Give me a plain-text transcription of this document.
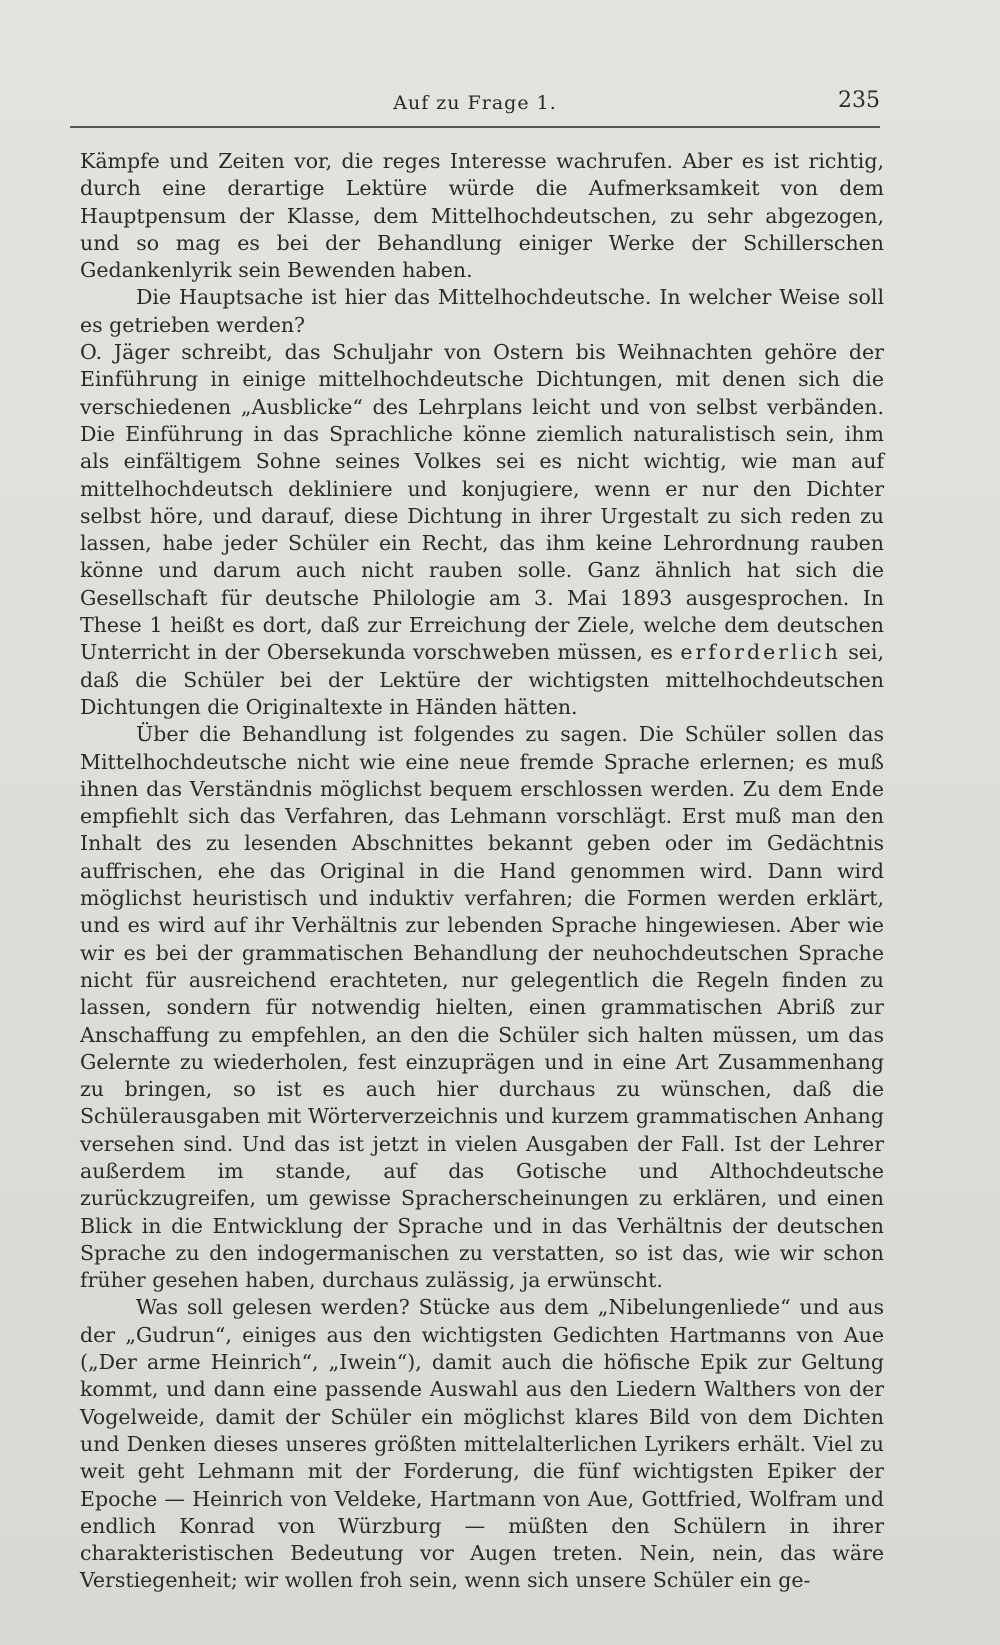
Auf zu Frage 1.	235

Kämpfe und Zeiten vor, die reges Interesse wachrufen. Aber es ist richtig, durch eine derartige Lektüre würde die Aufmerksamkeit von dem Hauptpensum der Klasse, dem Mittelhochdeutschen, zu sehr abgezogen, und so mag es bei der Behandlung einiger Werke der Schillerschen Gedankenlyrik sein Bewenden haben.

Die Hauptsache ist hier das Mittelhochdeutsche. In welcher Weise soll es getrieben werden?

O. Jäger schreibt, das Schuljahr von Ostern bis Weihnachten gehöre der Einführung in einige mittelhochdeutsche Dichtungen, mit denen sich die verschiedenen „Ausblicke“ des Lehrplans leicht und von selbst verbänden. Die Einführung in das Sprachliche könne ziemlich naturalistisch sein, ihm als einfältigem Sohne seines Volkes sei es nicht wichtig, wie man auf mittelhochdeutsch dekliniere und konjugiere, wenn er nur den Dichter selbst höre, und darauf, diese Dichtung in ihrer Urgestalt zu sich reden zu lassen, habe jeder Schüler ein Recht, das ihm keine Lehrordnung rauben könne und darum auch nicht rauben solle. Ganz ähnlich hat sich die Gesellschaft für deutsche Philologie am 3. Mai 1893 ausgesprochen. In These 1 heißt es dort, daß zur Erreichung der Ziele, welche dem deutschen Unterricht in der Obersekunda vorschweben müssen, es erforderlich sei, daß die Schüler bei der Lektüre der wichtigsten mittelhochdeutschen Dichtungen die Originaltexte in Händen hätten.

Über die Behandlung ist folgendes zu sagen. Die Schüler sollen das Mittelhochdeutsche nicht wie eine neue fremde Sprache erlernen; es muß ihnen das Verständnis möglichst bequem erschlossen werden. Zu dem Ende empfiehlt sich das Verfahren, das Lehmann vorschlägt. Erst muß man den Inhalt des zu lesenden Abschnittes bekannt geben oder im Gedächtnis auffrischen, ehe das Original in die Hand genommen wird. Dann wird möglichst heuristisch und induktiv verfahren; die Formen werden erklärt, und es wird auf ihr Verhältnis zur lebenden Sprache hingewiesen. Aber wie wir es bei der grammatischen Behandlung der neuhochdeutschen Sprache nicht für ausreichend erachteten, nur gelegentlich die Regeln finden zu lassen, sondern für notwendig hielten, einen grammatischen Abriß zur Anschaffung zu empfehlen, an den die Schüler sich halten müssen, um das Gelernte zu wiederholen, fest einzuprägen und in eine Art Zusammenhang zu bringen, so ist es auch hier durchaus zu wünschen, daß die Schülerausgaben mit Wörterverzeichnis und kurzem grammatischen Anhang versehen sind. Und das ist jetzt in vielen Ausgaben der Fall. Ist der Lehrer außerdem im stande, auf das Gotische und Althochdeutsche zurückzugreifen, um gewisse Spracherscheinungen zu erklären, und einen Blick in die Entwicklung der Sprache und in das Verhältnis der deutschen Sprache zu den indogermanischen zu verstatten, so ist das, wie wir schon früher gesehen haben, durchaus zulässig, ja erwünscht.

Was soll gelesen werden? Stücke aus dem „Nibelungenliede“ und aus der „Gudrun“, einiges aus den wichtigsten Gedichten Hartmanns von Aue („Der arme Heinrich“, „Iwein“), damit auch die höfische Epik zur Geltung kommt, und dann eine passende Auswahl aus den Liedern Walthers von der Vogelweide, damit der Schüler ein möglichst klares Bild von dem Dichten und Denken dieses unseres größten mittelalterlichen Lyrikers erhält. Viel zu weit geht Lehmann mit der Forderung, die fünf wichtigsten Epiker der Epoche — Heinrich von Veldeke, Hartmann von Aue, Gottfried, Wolfram und endlich Konrad von Würzburg — müßten den Schülern in ihrer charakteristischen Bedeutung vor Augen treten. Nein, nein, das wäre Verstiegenheit; wir wollen froh sein, wenn sich unsere Schüler ein ge-
